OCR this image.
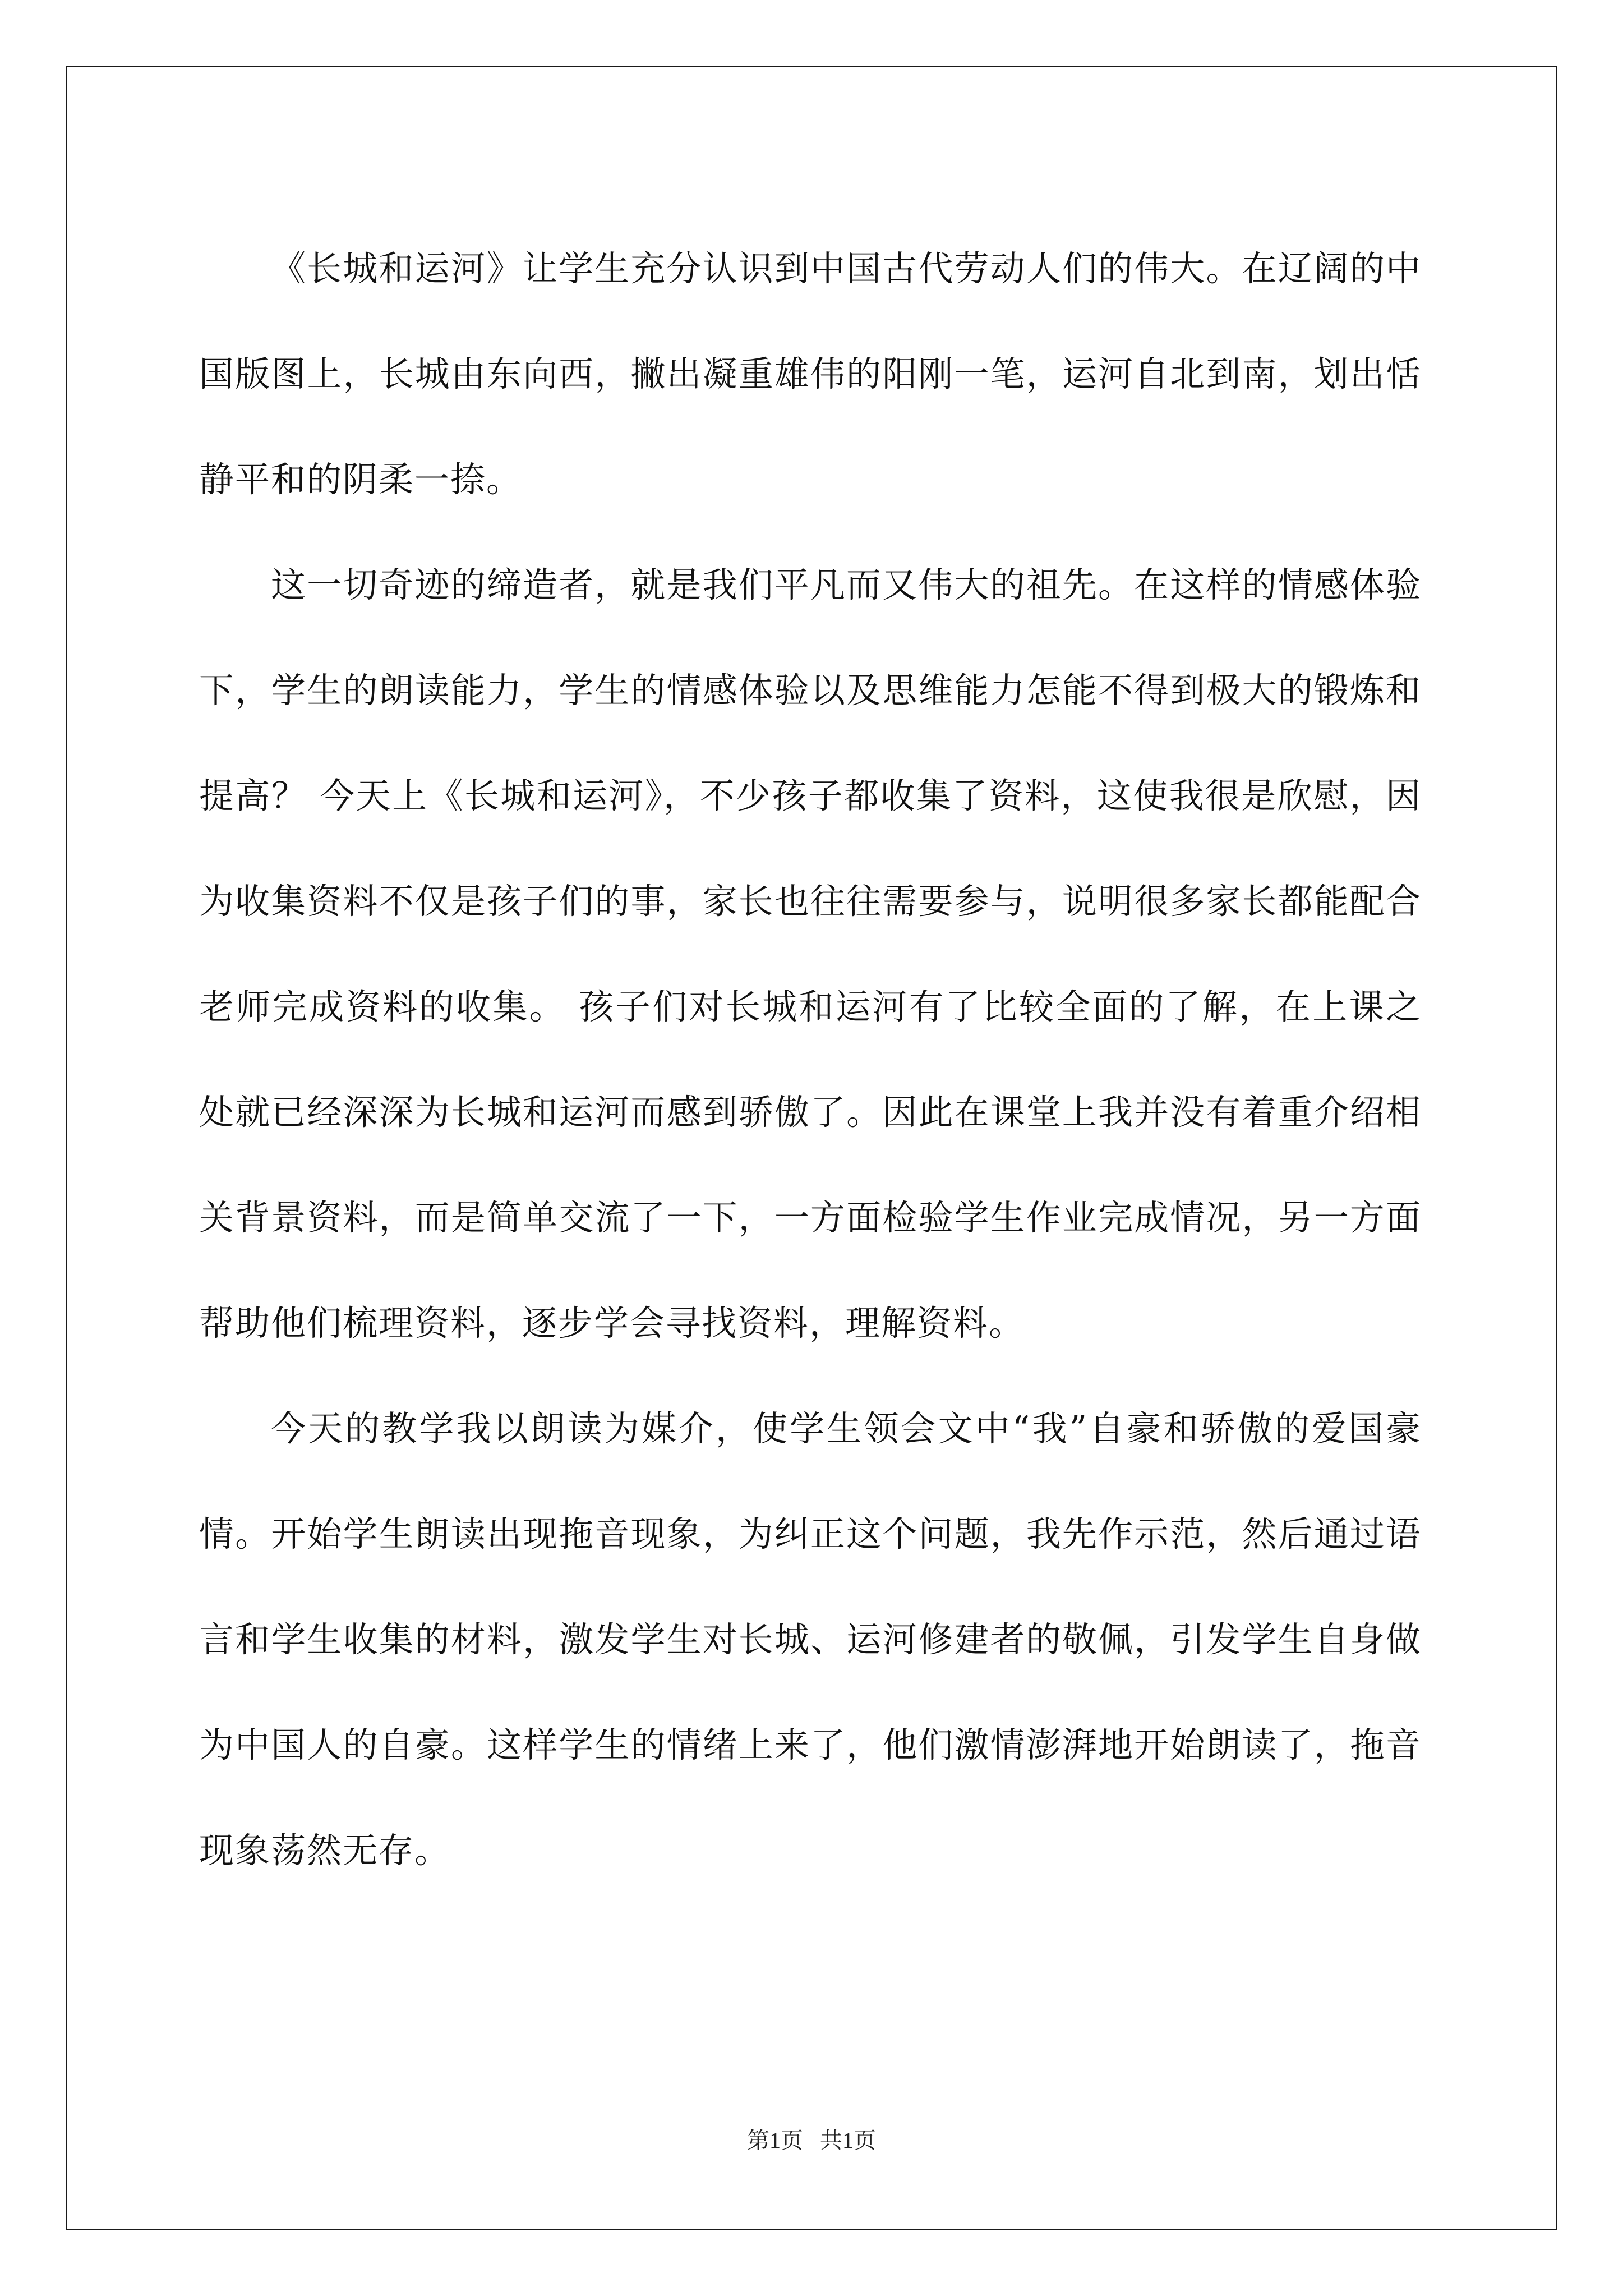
《长城和运河》让学生充分认识到中国古代劳动人们的伟大。在辽阔的中国版图上，长城由东向西，撇出凝重雄伟的阳刚一笔，运河自北到南，划出恬静平和的阴柔一捺。

这一切奇迹的缔造者，就是我们平凡而又伟大的祖先。在这样的情感体验下，学生的朗读能力，学生的情感体验以及思维能力怎能不得到极大的锻炼和提高？ 今天上《长城和运河》，不少孩子都收集了资料，这使我很是欣慰，因为收集资料不仅是孩子们的事，家长也往往需要参与，说明很多家长都能配合老师完成资料的收集。 孩子们对长城和运河有了比较全面的了解，在上课之处就已经深深为长城和运河而感到骄傲了。因此在课堂上我并没有着重介绍相关背景资料，而是简单交流了一下，一方面检验学生作业完成情况，另一方面帮助他们梳理资料，逐步学会寻找资料，理解资料。

今天的教学我以朗读为媒介，使学生领会文中“我”自豪和骄傲的爱国豪情。开始学生朗读出现拖音现象，为纠正这个问题，我先作示范，然后通过语言和学生收集的材料，激发学生对长城、运河修建者的敬佩，引发学生自身做为中国人的自豪。这样学生的情绪上来了，他们激情澎湃地开始朗读了，拖音现象荡然无存。

第1页   共1页
